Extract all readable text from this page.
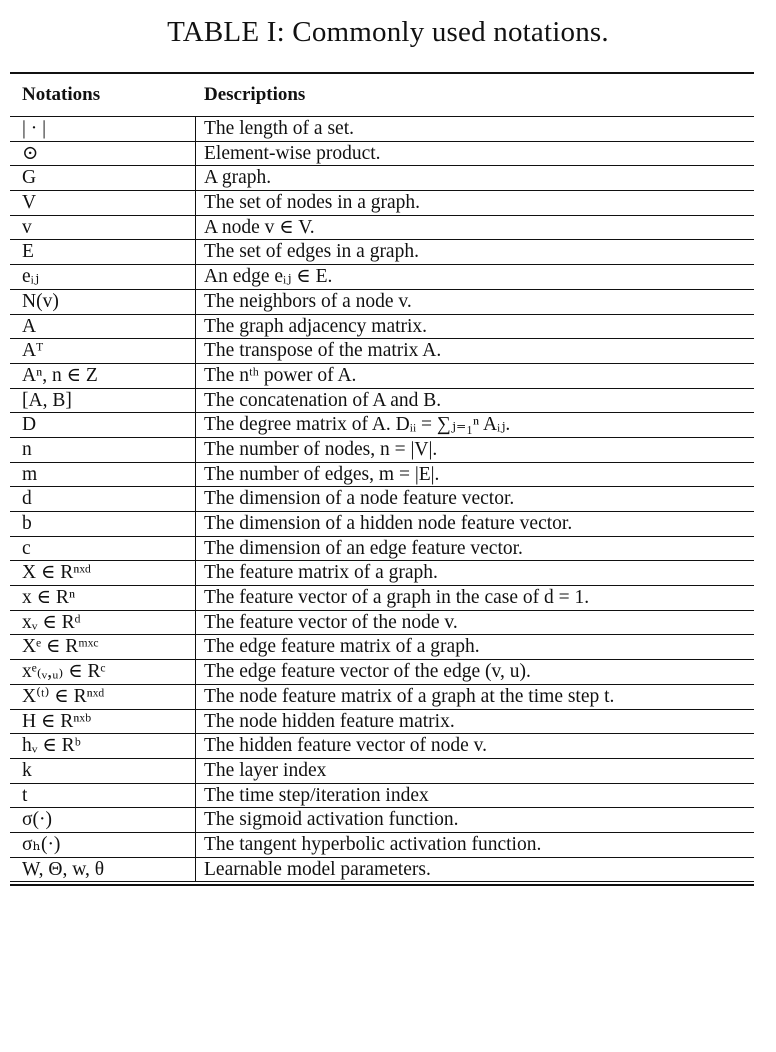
TABLE I: Commonly used notations.
Notations	Descriptions
| · |	The length of a set.
⊙	Element-wise product.
G	A graph.
V	The set of nodes in a graph.
v	A node v ∈ V.
E	The set of edges in a graph.
eᵢⱼ	An edge eᵢⱼ ∈ E.
N(v)	The neighbors of a node v.
A	The graph adjacency matrix.
Aᵀ	The transpose of the matrix A.
Aⁿ, n ∈ Z	The nᵗʰ power of A.
[A, B]	The concatenation of A and B.
D	The degree matrix of A. Dᵢᵢ = ∑ⱼ₌₁ⁿ Aᵢⱼ.
n	The number of nodes, n = |V|.
m	The number of edges, m = |E|.
d	The dimension of a node feature vector.
b	The dimension of a hidden node feature vector.
c	The dimension of an edge feature vector.
X ∈ Rⁿˣᵈ	The feature matrix of a graph.
x ∈ Rⁿ	The feature vector of a graph in the case of d = 1.
xᵥ ∈ Rᵈ	The feature vector of the node v.
Xᵉ ∈ Rᵐˣᶜ	The edge feature matrix of a graph.
xᵉ₍ᵥ,ᵤ₎ ∈ Rᶜ	The edge feature vector of the edge (v, u).
X⁽ᵗ⁾ ∈ Rⁿˣᵈ	The node feature matrix of a graph at the time step t.
H ∈ Rⁿˣᵇ	The node hidden feature matrix.
hᵥ ∈ Rᵇ	The hidden feature vector of node v.
k	The layer index
t	The time step/iteration index
σ(·)	The sigmoid activation function.
σₕ(·)	The tangent hyperbolic activation function.
W, Θ, w, θ	Learnable model parameters.
